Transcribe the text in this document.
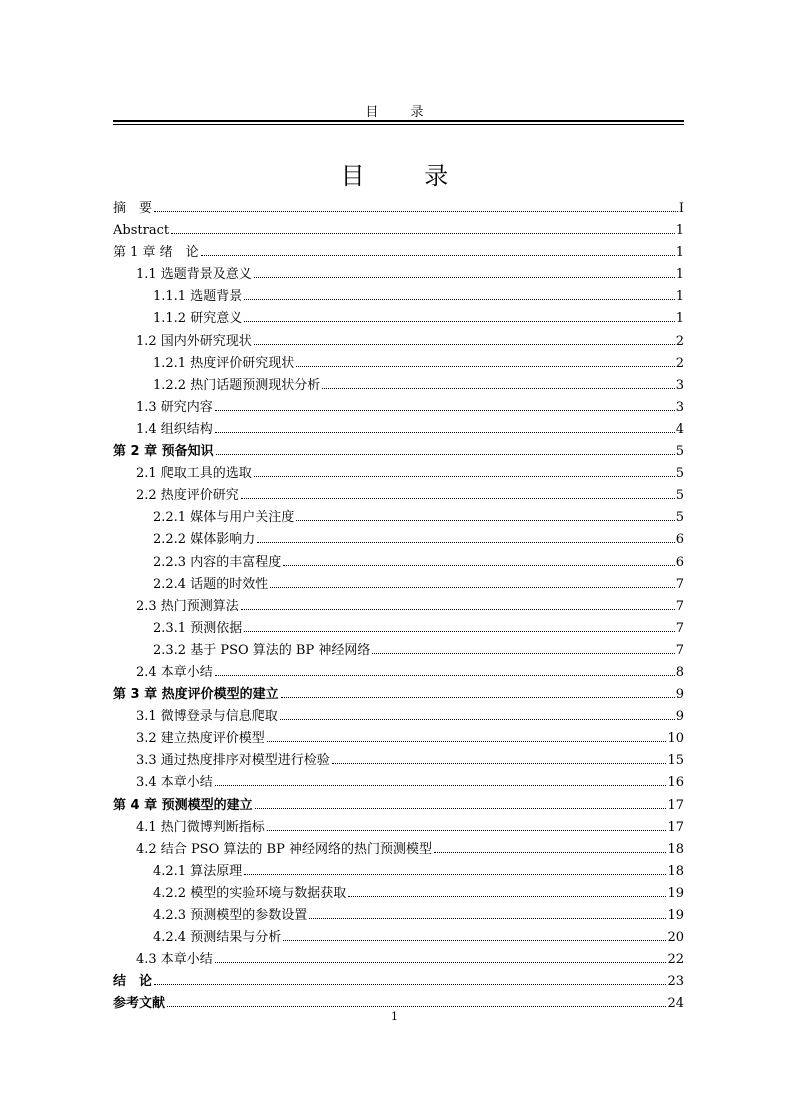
目 录
目 录
摘　要	I
Abstract	1
第 1 章 绪　论	1
1.1 选题背景及意义	1
1.1.1 选题背景	1
1.1.2 研究意义	1
1.2 国内外研究现状	2
1.2.1 热度评价研究现状	2
1.2.2 热门话题预测现状分析	3
1.3 研究内容	3
1.4 组织结构	4
第 2 章 预备知识	5
2.1 爬取工具的选取	5
2.2 热度评价研究	5
2.2.1 媒体与用户关注度	5
2.2.2 媒体影响力	6
2.2.3 内容的丰富程度	6
2.2.4 话题的时效性	7
2.3 热门预测算法	7
2.3.1 预测依据	7
2.3.2 基于 PSO 算法的 BP 神经网络	7
2.4 本章小结	8
第 3 章 热度评价模型的建立	9
3.1 微博登录与信息爬取	9
3.2 建立热度评价模型	10
3.3 通过热度排序对模型进行检验	15
3.4 本章小结	16
第 4 章 预测模型的建立	17
4.1 热门微博判断指标	17
4.2 结合 PSO 算法的 BP 神经网络的热门预测模型	18
4.2.1 算法原理	18
4.2.2 模型的实验环境与数据获取	19
4.2.3 预测模型的参数设置	19
4.2.4 预测结果与分析	20
4.3 本章小结	22
结　论	23
参考文献	24
1
